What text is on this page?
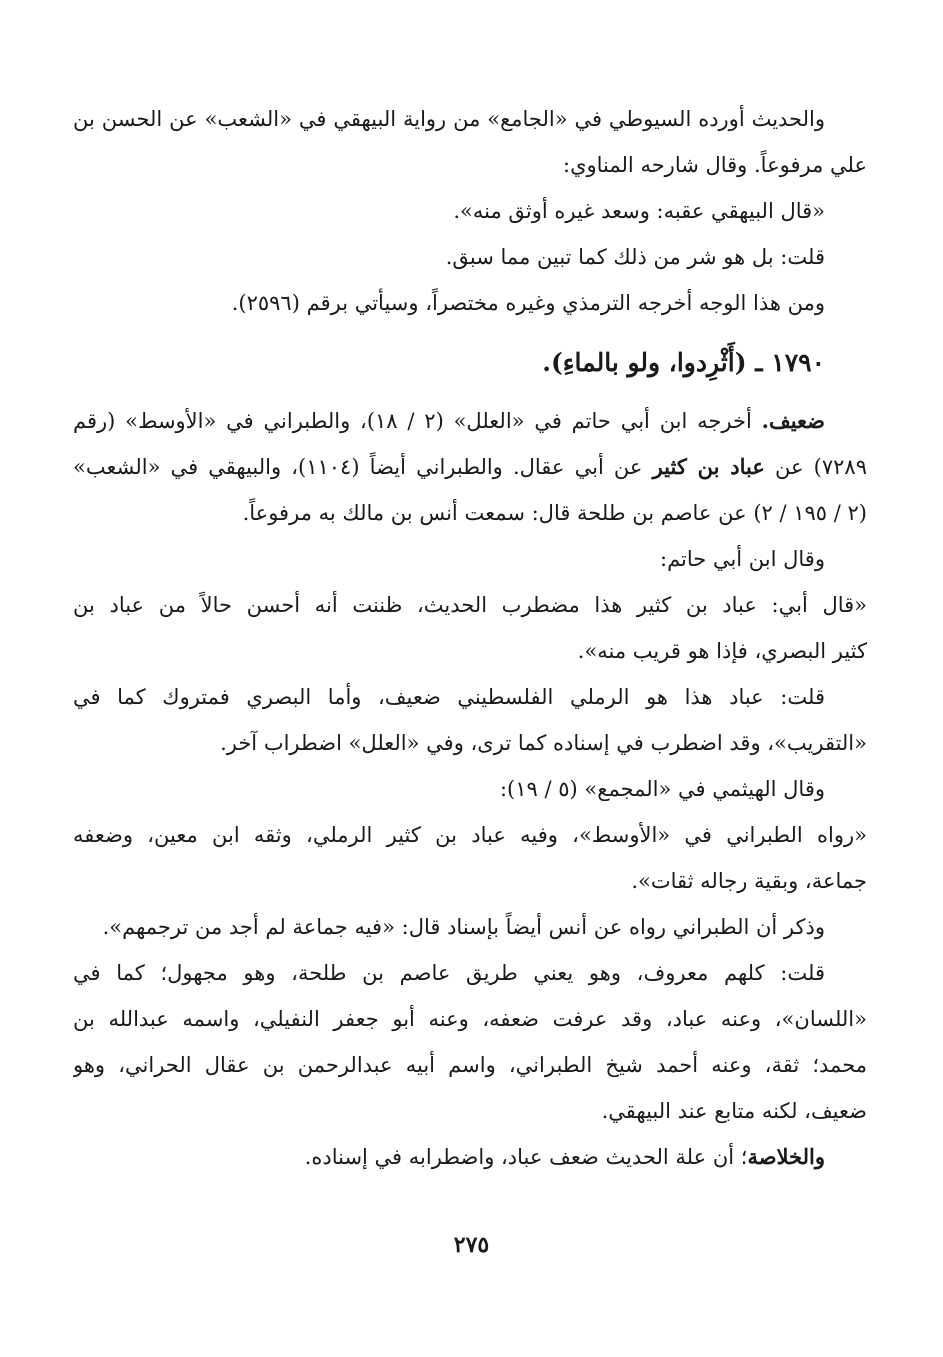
والحديث أورده السيوطي في «الجامع» من رواية البيهقي في «الشعب» عن الحسن بن
علي مرفوعاً. وقال شارحه المناوي:
«قال البيهقي عقبه: وسعد غيره أوثق منه».
قلت: بل هو شر من ذلك كما تبين مما سبق.
ومن هذا الوجه أخرجه الترمذي وغيره مختصراً، وسيأتي برقم (٢٥٩٦).
١٧٩٠ ـ (أَثْرِدوا، ولو بالماءِ).
ضعيف. أخرجه ابن أبي حاتم في «العلل» (٢ / ١٨)، والطبراني في «الأوسط» (رقم
٧٢٨٩) عن عباد بن كثير عن أبي عقال. والطبراني أيضاً (١١٠٤)، والبيهقي في «الشعب»
(٢ / ١٩٥ / ٢) عن عاصم بن طلحة قال: سمعت أنس بن مالك به مرفوعاً.
وقال ابن أبي حاتم:
«قال أبي: عباد بن كثير هذا مضطرب الحديث، ظننت أنه أحسن حالاً من عباد بن
كثير البصري، فإذا هو قريب منه».
قلت: عباد هذا هو الرملي الفلسطيني ضعيف، وأما البصري فمتروك كما في
«التقريب»، وقد اضطرب في إسناده كما ترى، وفي «العلل» اضطراب آخر.
وقال الهيثمي في «المجمع» (٥ / ١٩):
«رواه الطبراني في «الأوسط»، وفيه عباد بن كثير الرملي، وثقه ابن معين، وضعفه
جماعة، وبقية رجاله ثقات».
وذكر أن الطبراني رواه عن أنس أيضاً بإسناد قال: «فيه جماعة لم أجد من ترجمهم».
قلت: كلهم معروف، وهو يعني طريق عاصم بن طلحة، وهو مجهول؛ كما في
«اللسان»، وعنه عباد، وقد عرفت ضعفه، وعنه أبو جعفر النفيلي، واسمه عبدالله بن
محمد؛ ثقة، وعنه أحمد شيخ الطبراني، واسم أبيه عبدالرحمن بن عقال الحراني، وهو
ضعيف، لكنه متابع عند البيهقي.
والخلاصة؛ أن علة الحديث ضعف عباد، واضطرابه في إسناده.
٢٧٥
